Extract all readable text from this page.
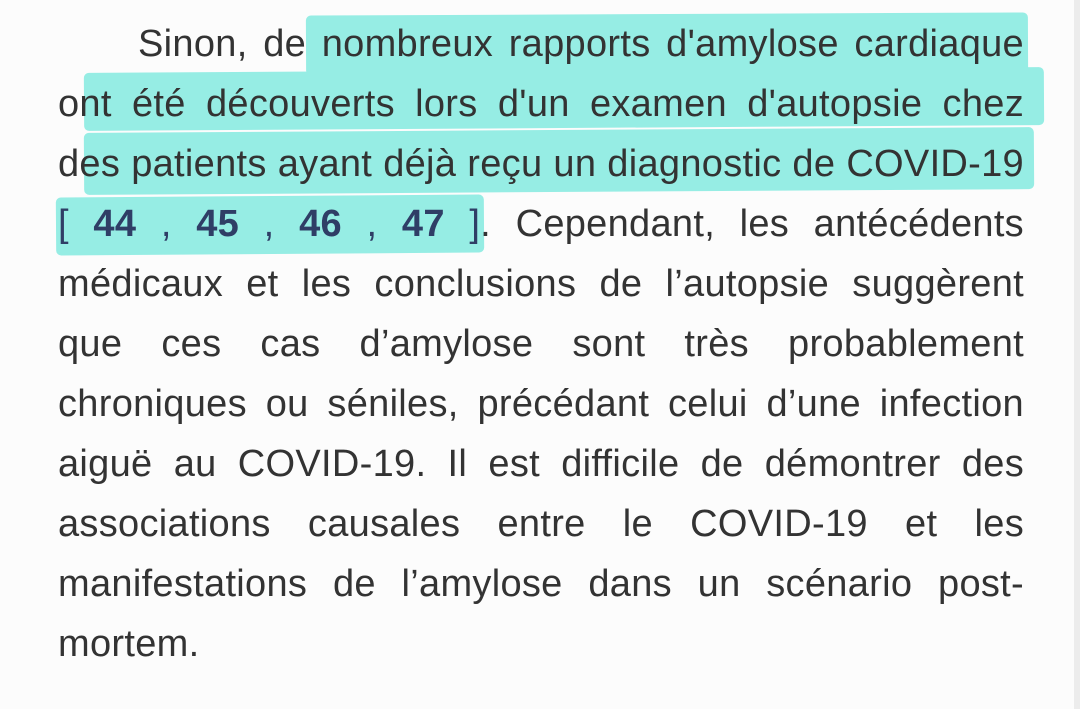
Sinon, de nombreux rapports d'amylose cardiaque ont été découverts lors d'un examen d'autopsie chez des patients ayant déjà reçu un diagnostic de COVID-19 [ 44 , 45 , 46 , 47 ]. Cependant, les antécédents médicaux et les conclusions de l’autopsie suggèrent que ces cas d’amylose sont très probablement chroniques ou séniles, précédant celui d’une infection aiguë au COVID-19. Il est difficile de démontrer des associations causales entre le COVID-19 et les manifestations de l’amylose dans un scénario post-mortem.
